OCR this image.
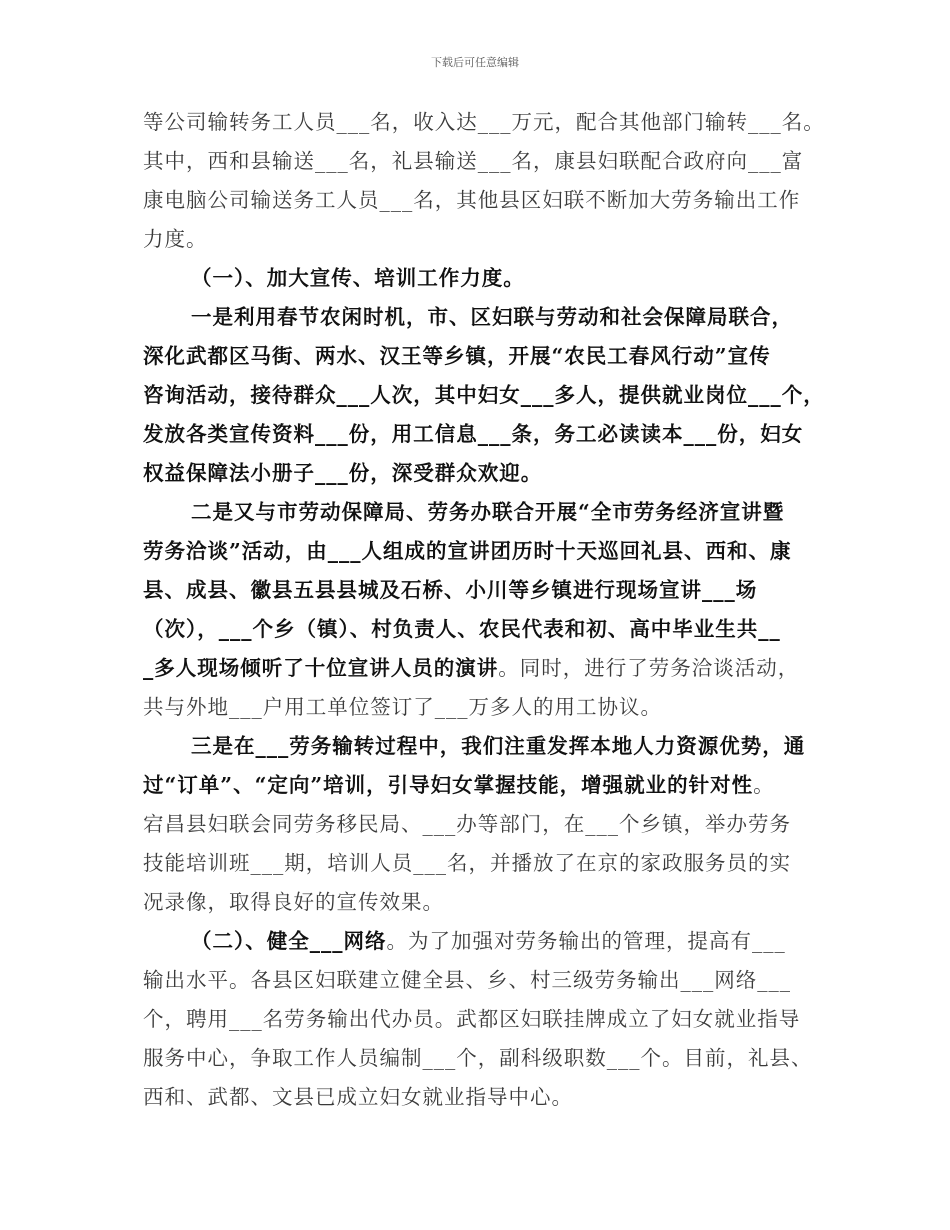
下载后可任意编辑
等公司输转务工人员___名，收入达___万元，配合其他部门输转___名。
其中，西和县输送___名，礼县输送___名，康县妇联配合政府向___富
康电脑公司输送务工人员___名，其他县区妇联不断加大劳务输出工作
力度。
（一）、加大宣传、培训工作力度。
一是利用春节农闲时机，市、区妇联与劳动和社会保障局联合，
深化武都区马街、两水、汉王等乡镇，开展“农民工春风行动”宣传
咨询活动，接待群众___人次，其中妇女___多人，提供就业岗位___个，
发放各类宣传资料___份，用工信息___条，务工必读读本___份，妇女
权益保障法小册子___份，深受群众欢迎。
二是又与市劳动保障局、劳务办联合开展“全市劳务经济宣讲暨
劳务洽谈”活动，由___人组成的宣讲团历时十天巡回礼县、西和、康
县、成县、徽县五县县城及石桥、小川等乡镇进行现场宣讲___场
（次），___个乡（镇）、村负责人、农民代表和初、高中毕业生共__
_多人现场倾听了十位宣讲人员的演讲。同时，进行了劳务洽谈活动，
共与外地___户用工单位签订了___万多人的用工协议。
三是在___劳务输转过程中，我们注重发挥本地人力资源优势，通
过“订单”、“定向”培训，引导妇女掌握技能，增强就业的针对性。
宕昌县妇联会同劳务移民局、___办等部门，在___个乡镇，举办劳务
技能培训班___期，培训人员___名，并播放了在京的家政服务员的实
况录像，取得良好的宣传效果。
（二）、健全___网络。为了加强对劳务输出的管理，提高有___
输出水平。各县区妇联建立健全县、乡、村三级劳务输出___网络___
个，聘用___名劳务输出代办员。武都区妇联挂牌成立了妇女就业指导
服务中心，争取工作人员编制___个，副科级职数___个。目前，礼县、
西和、武都、文县已成立妇女就业指导中心。
